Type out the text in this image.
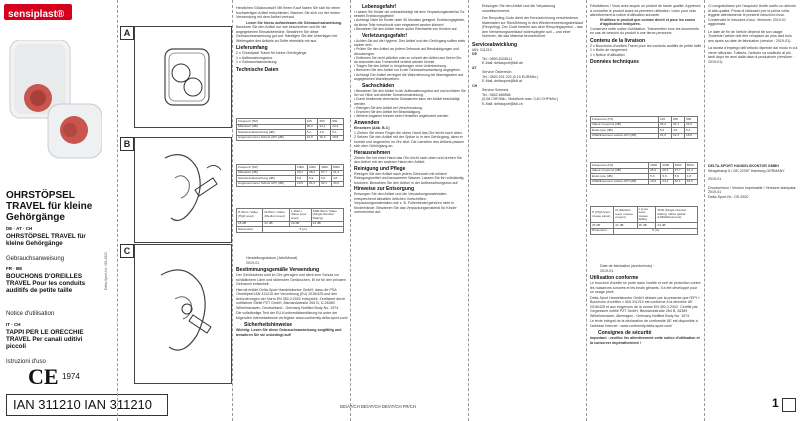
sensiplast®
OHRSTÖPSEL TRAVEL für kleine Gehörgänge
DE · AT · CH
OHRSTÖPSEL TRAVEL für kleine Gehörgänge
Gebrauchsanweisung
FR · BE
BOUCHONS D'OREILLES TRAVEL Pour les conduits auditifs de petite taille
Notice d'utilisation
IT · CH
TAPPI PER LE ORECCHIE TRAVEL Per canali uditivi piccoli
Istruzioni d'uso
CE 1974
Delta-Sport-Nr.: OS-2520
IAN 311210 IAN 311210
A
B
C
Herzlichen Glückwunsch! Mit Ihrem Kauf haben Sie sich für einen hochwertigen Artikel entschieden. Machen Sie sich vor der ersten Verwendung mit dem Artikel vertraut.
Lesen Sie hierzu aufmerksam die Gebrauchsanweisung.
Benutzen Sie den Artikel nur wie beschrieben und für die angegebenen Einsatzbereiche. Bewahren Sie diese Gebrauchsanweisung gut auf. Händigen Sie alle Unterlagen bei Weitergabe des Artikels an Dritte ebenfalls mit aus.
Lieferumfang
2 x Ohrstöpsel Travel für kleine Gehörgänge
1 x Aufbewahrungsbox
1 x Gebrauchsanweisung
Technische Daten
Frequenz [HZ]	125	250	500
Mittelwert [dB]	26,2	24,1	24,2
Standard-abweichung [dB]	5,2	4,9	5,4
Angenommener Schutz APV [dB]	21,0	19,3	18,8
Frequenz [HZ]	1000	2000	4000	8000
Mittelwert [dB]	25,2	28,3	37,7	41,4
Standard-abweichung [dB]	5,6	5,9	5,6	4,8
Angenommener Schutz APV [dB]	19,6	24,4	32,1	43,6
H-Wert / Value (High level)	M-Wert / Value (Medium level)	L-Wert / Value (Low level)	SNR-Wert / Value (Single Number Rating)
26 dB	21 dB	20 dB	24 dB
Dämmwert	5 (m)		
Herstellungsdatum (Jahr/Monat)
2019-01
Bestimmungsgemäße Verwendung
Der Gehörschutz sind im Ohr getragen und dient zum Schutz vor schädlichem Lärm und störenden Geräuschen. Er ist für den privaten Gebrauch entwickelt.
Hiermit erklärt Delta-Sport Handelskontor GmbH, dass die PSA Ohrstöpsel IAN 311210 der Verordnung (EU) 2016/425 und den Anforderungen der Norm EN 352-2:2002 entspricht. Zertifiziert durch notifizierte Stelle PZT GmbH, Bismarckstraße 264 B, D-26389 Wilhelmshaven, Deutschland - Germany Notified Body No. 1974.
Die vollständige Text der EU-Konformitätserklärung ist unter der folgenden Internetadresse verfügbar: www.conformity.delta-sport.com/
Sicherheitshinweise
Wichtig: Lesen Sie diese Gebrauchsanweisung sorgfältig und bewahren Sie sie unbedingt auf!
Lebensgefahr!
• Lassen Sie Kinder nie unbeaufsichtigt mit dem Verpackungsmaterial. Es besteht Erstickungsgefahr!
• Achtung! Nicht für Kinder unter 36 Monaten geeignet. Erstickungsgefahr, da kleine Teile verschluckt oder eingeatmet werden können!
• Bewahren Sie den Artikel immer außer Reichweite von Kindern auf.
Verletzungsgefahr!
• Achten Sie auf die Hygiene. Den Artikel und den Gehörgang sollten stets sauber sein.
• Prüfen Sie den Artikel vor jedem Gebrauch auf Beschädigungen und Abnutzungen.
• Entfernen Sie nicht plötzlich oder zu schnell den Artikel aus Ihrem Ohr, da ansonsten das Trommelfell verletzt werden könnte.
• Tragen Sie den Artikel in Umgebungen ohne Unterbrechung.
• Benutzen Sie den Artikel nur in der Gebrauchsanweisung angegeben.
• Achtung! Der Artikel verringert die Wahrnehmung bei Warnsignalen und angegebenen Warnhinweisen.
Sachschäden
• Bewahren Sie den Artikel in der Aufbewahrungsbox auf und schützen Sie ihn vor Hitze und direkter Sonneneinstrahlung.
• Durch bestimmte chemische Substanzen kann der Artikel beschädigt werden.
• Reinigen Sie den Artikel bei Verschmutzung.
• Ersetzen Sie den Artikel bei Beschädigung.
• Weitere Angaben können beim Hersteller angefordert werden.
Anwenden
Einsetzen (Abb. B-C)
1 Ziehen Sie einen Finger die obere Hand das Ohr leicht nach oben.
2 Setzen Sie den Artikel mit der Spitze in in den Gehörgang, dann er korrekt und angenehm im Ohr sitzt. Die Lamellen des Artikels passen sich dem Gehörgang an.
Herausnehmen
Ziehen Sie mit einer Hand das Ohr leicht nach oben und drehen Sie den Artikel mit der anderen Hand den Artikel.
Reinigung und Pflege
Reinigen Sie den Artikel nach jedem Gebrauch mit mildem Reinigungsmittel und lauwarmem Wasser. Lassen Sie ihn vollständig trocknen. Bewahren Sie den Artikel in der Aufbewahrungsbox auf.
Hinweise zur Entsorgung
Entsorgen Sie den Artikel und die Verpackungsmaterialien entsprechend aktuellen örtlichen Vorschriften. Verpackungsmaterialien wie z. B. Folienbeutel gehören nicht in Kinderhände. Bewahren Sie das Verpackungsmaterial für Kinder unerreichbar auf.
Entsorgen Sie den Artikel und die Verpackung umweltschonend.
Der Recycling-Code dient der Kennzeichnung verschiedener Materialien zur Rückführung in den Wiederverwertungskreislauf (Recycling). Der Code besteht aus dem Recyclingsymbol – das den Verwertungskreislauf widerspiegeln soll – und einer Nummer, die das Material kennzeichnet.
Serviceabwicklung
IAN: 311210
DE
Tel.: 0800-5435111
E-Mail: deltasport@lidl.de
AT
Service Österreich
Tel.: 0820 201 222 (0,15 EUR/Min.)
E-Mail: deltasport@lidl.at
CH
Service Schweiz
Tel.: 0842 665566
(0,08 CHF/Min., Mobilfunk max. 0,40 CHF/Min.)
E-Mail: deltasport@lidl.ch
Félicitations ! Vous avez acquis un produit de haute qualité. Apprenez à connaître le produit avant sa première utilisation. Lisez pour cela attentivement la notice d'utilisation suivante.
N'utilisez le produit que comme décrit et pour les zones d'application indiquées.
Conservez cette notice d'utilisation. Transmettez tous les documents en cas de cession du produit à une tierce personne.
Contenu de la livraison
2 x Bouchons d'oreilles Travel pour les conduits auditifs de petite taille
1 x Boîte de rangement
1 x Notice d'utilisation
Données techniques
Fréquence [Hz]	125	250	500
Valeur moyenne [dB]	26,2	24,1	24,2
Écart-type [dB]	5,2	4,9	5,4
Affaiblissement estimé APV [dB]	21,0	19,3	18,8
Fréquence [Hz]	1000	2000	4000	8000
Valeur moyenne [dB]	25,2	28,3	37,7	41,4
Écart-type [dB]	5,6	5,9	5,6	4,8
Affaiblissement estimé APV [dB]	19,6	24,4	32,1	43,6
H (High level, niveau élevé)	M (Medium level, niveau moyen)	L (Low level, niveau faible)	SNR (Single Number Rating, indice global d'affaiblissement)
26 dB	21 dB	20 dB	24 dB
Dimension :	5 (m)		
Date de fabrication (année/mois) :
2019-01
Utilisation conforme
Le bouchon d'oreille se porte dans l'oreille et sert de protection contre les nuisances sonores et les bruits gênants. Il a été développé pour un usage privé.
Delta-Sport Handelskontor GmbH déclare par la présente que l'EPI « Bouchons d'oreilles » IAN 311210 est conforme à la directive UE 2016/425 et aux exigences de la norme EN 352-2:2002. Certifié par l'organisme notifié PZT GmbH, Bismarckstraße 264 B, 26389 Wilhelmshaven, Allemagne - Germany Notified Body No. 1974.
Le texte intégral de la déclaration de conformité UE est disponible à l'adresse Internet : www.conformity.delta-sport.com/
Consignes de sécurité
Important : veuillez lire attentivement cette notice d'utilisation et la conserver impérativement !
Ci congratuliamo per l'acquisto! Avete scelto un articolo di alta qualità. Prima di utilizzarlo per la prima volta, leggete attentamente le presenti istruzioni d'uso. Conservate le istruzioni d'uso. Versione: 2019-01 aggiornata.
Le date de fin de l'article dépend de son usage. Toutefois l'article doit être remplacé au plus tard trois ans après sa date de fabrication (version : 2019-01).
La durata d'impiego dell'articolo dipende dal modo in cui viene utilizzato. Tuttavia, l'articolo va sostituito al più tardi dopo tre anni dalla data di produzione (versione : 2019-01).
DELTA-SPORT HANDELSKONTOR GMBH
Wragekamp 6 • DE-22397 Hamburg GERMANY
2019-01
Druckversion / Version imprimable / Versione stampata: 2019-01
Delta-Sport-Nr.: OS-2520
1
DE/AT/CH DE/AT/CH DE/AT/CH FR/CH
